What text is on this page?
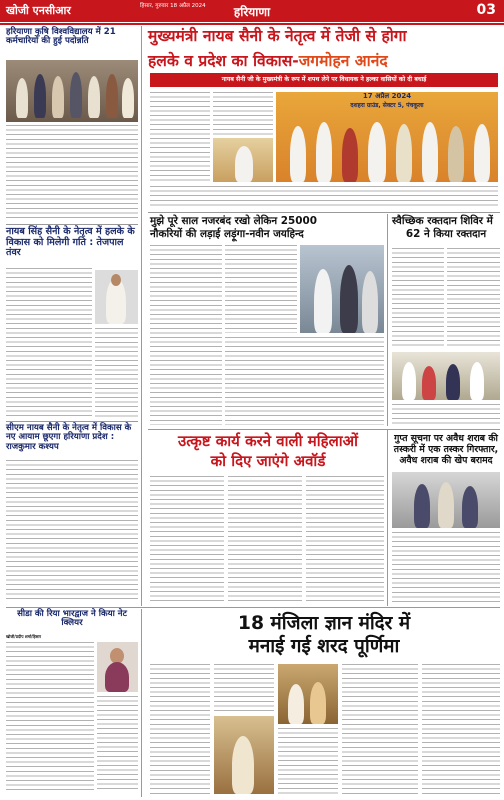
खोजी एनसीआर	हिसार, गुरुवार 18 अप्रैल 2024	हरियाणा	03
हरियाणा कृषि विश्वविद्यालय में 21 कर्मचारियों की हुई पदोन्नति
नायब सिंह सैनी के नेतृत्व में हलके के विकास को मिलेगी गति : तेजपाल तंवर
सीएम नायब सैनी के नेतृत्व में विकास के नए आयाम छूएगा हरियाणा प्रदेश : राजकुमार कश्यप
मुख्यमंत्री नायब सैनी के नेतृत्व में तेजी से होगा
हलके व प्रदेश का विकास-जगमोहन आनंद
नायब सैनी जी के मुख्यमंत्री के रूप में शपथ लेने पर विधायक ने हल्का वासियों को दी बधाई
17 अप्रैल 2024
दशहरा ग्राउंड, सेक्टर 5, पंचकूला
मुझे पूरे साल नजरबंद रखो लेकिन 25000
नौकरियों की लड़ाई लड़ूंगा-नवीन जयहिन्द
स्वैच्छिक रक्तदान शिविर में
62 ने किया रक्तदान
उत्कृष्ट कार्य करने वाली महिलाओं
को दिए जाएंगे अवॉर्ड
गुप्त सूचना पर अवैध शराब की
तस्करी में एक तस्कर गिरफ्तार,
अवैध शराब की खेप बरामद
सीडा की रिया भारद्वाज ने किया नेट क्लियर
खोजी/प्रदीप शर्मा/हिसार
18 मंजिला ज्ञान मंदिर में
मनाई गई शरद पूर्णिमा
